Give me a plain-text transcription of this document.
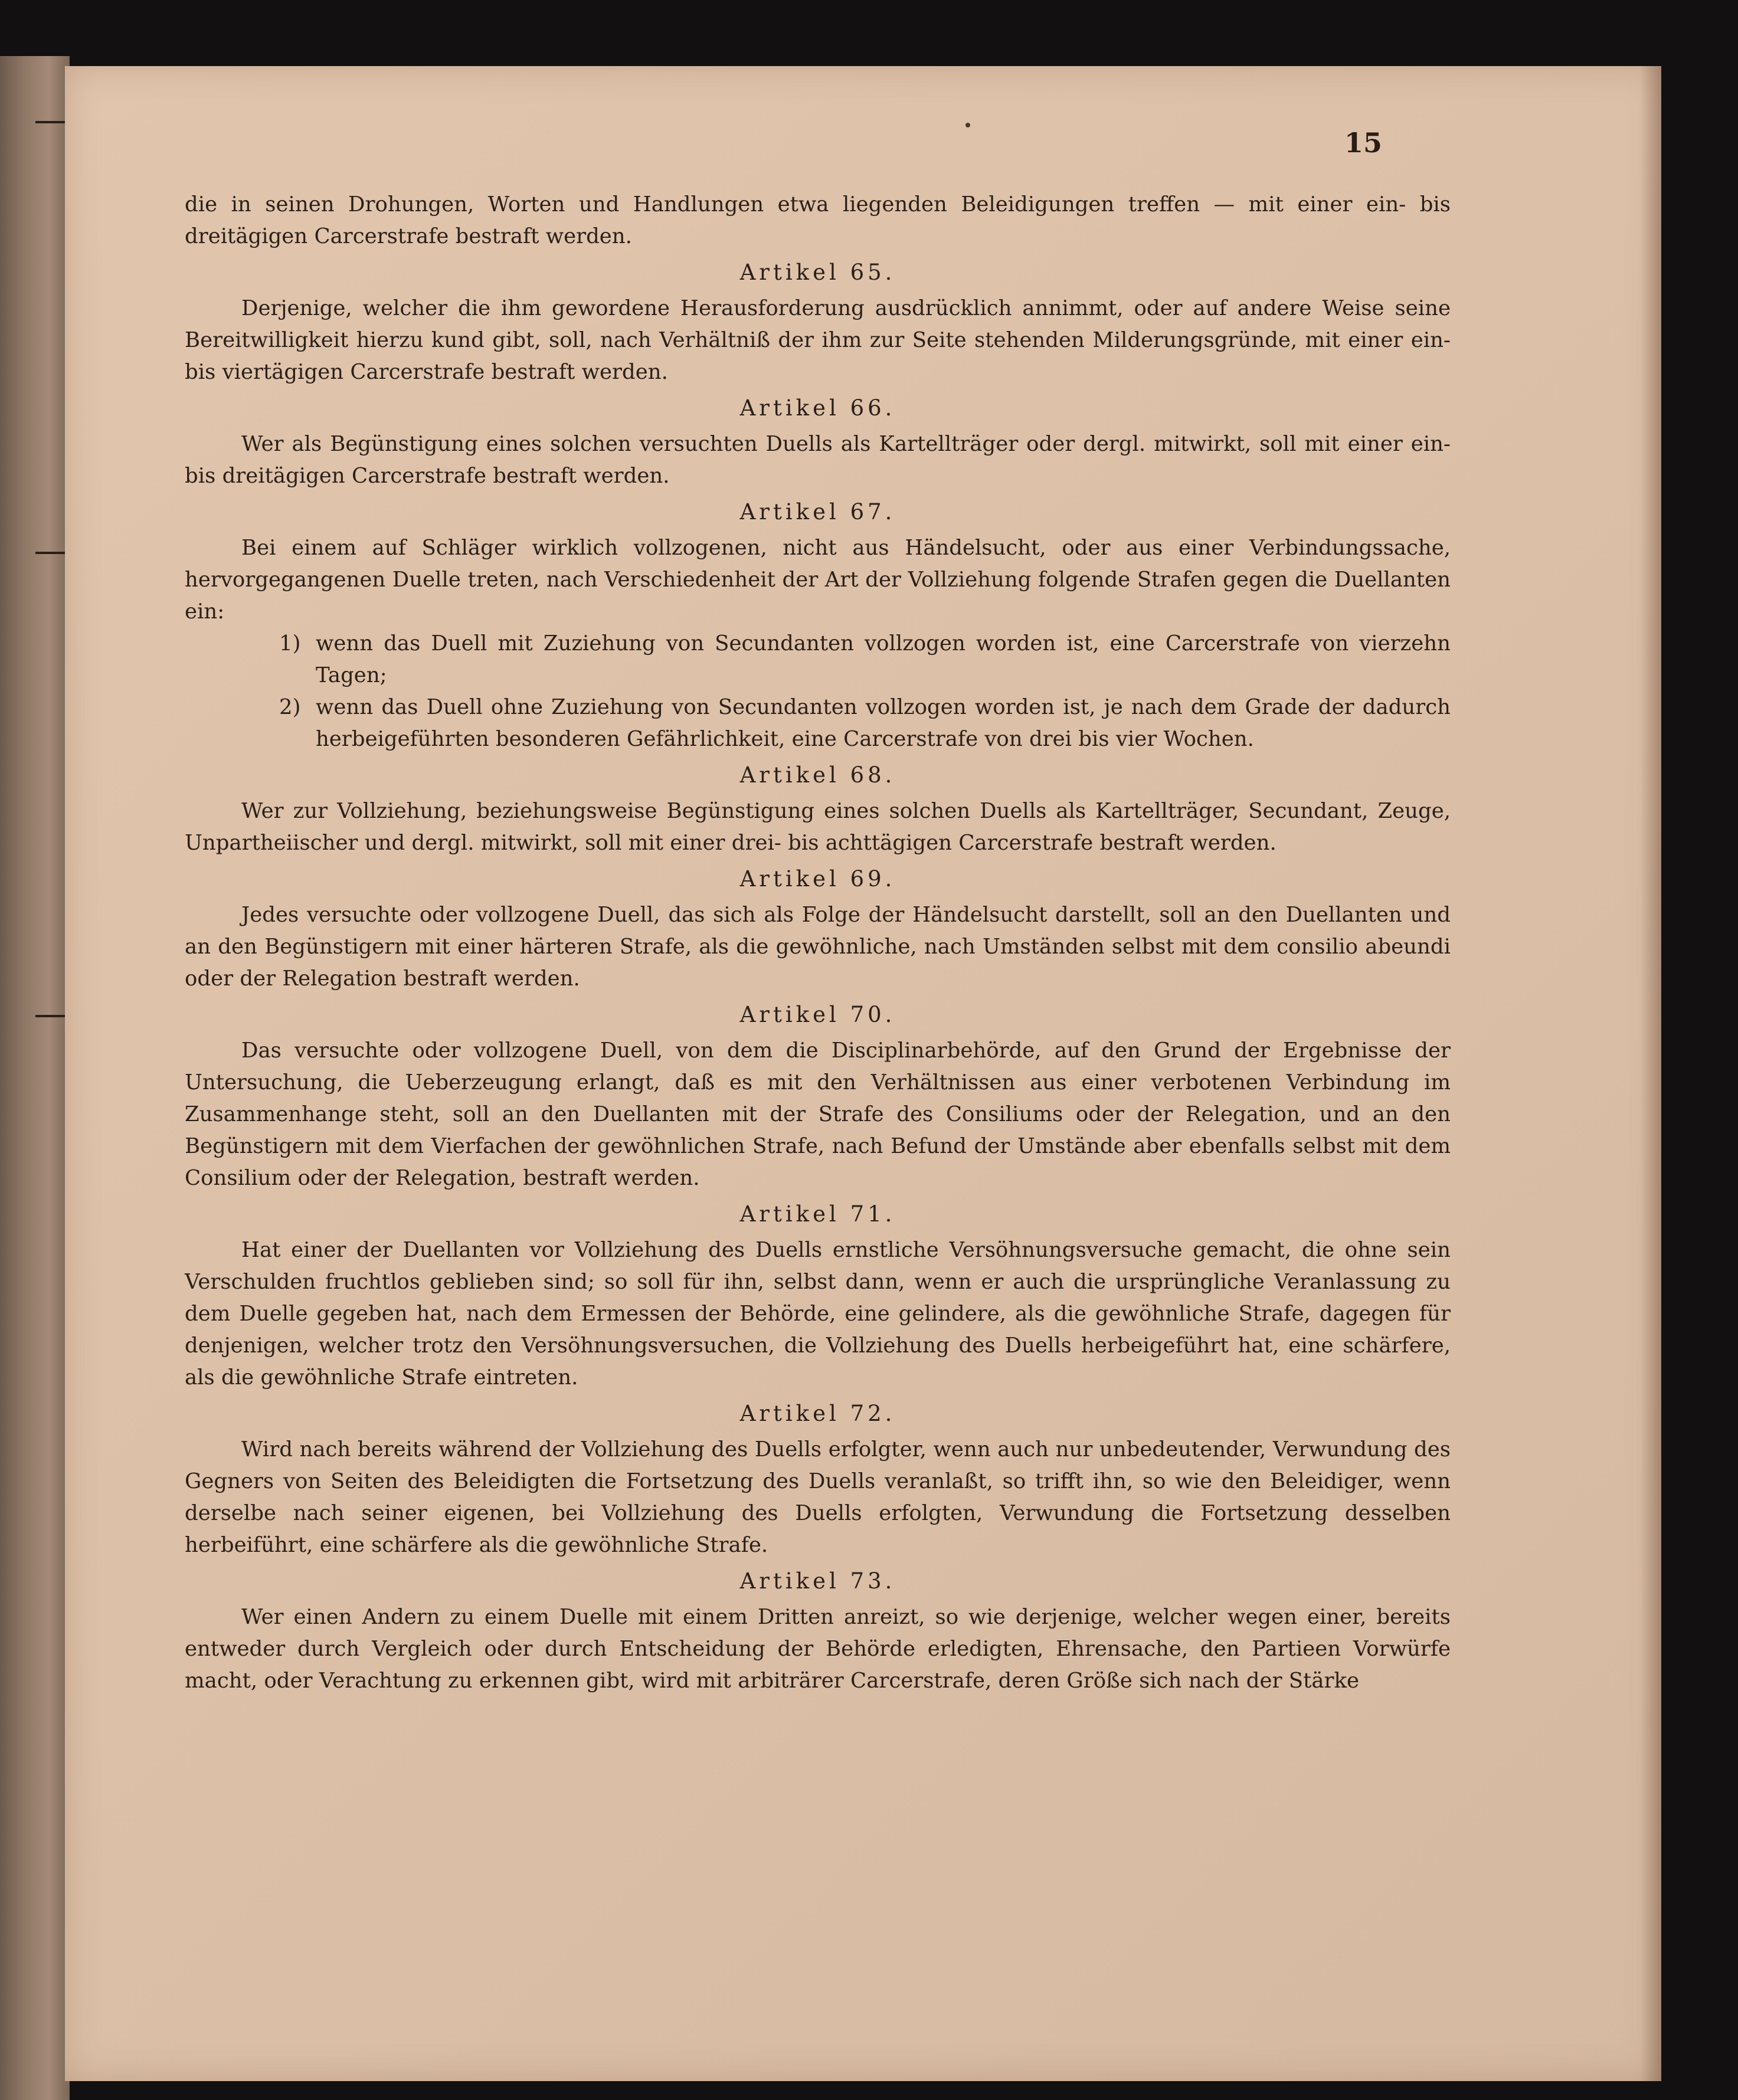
15

die in seinen Drohungen, Worten und Handlungen etwa liegenden Beleidigungen treffen — mit einer ein- bis dreitägigen Carcerstrafe bestraft werden.

Artikel 65.

Derjenige, welcher die ihm gewordene Herausforderung ausdrücklich annimmt, oder auf andere Weise seine Bereitwilligkeit hierzu kund gibt, soll, nach Verhältniß der ihm zur Seite stehenden Milderungsgründe, mit einer ein- bis viertägigen Carcerstrafe bestraft werden.

Artikel 66.

Wer als Begünstigung eines solchen versuchten Duells als Kartellträger oder dergl. mitwirkt, soll mit einer ein- bis dreitägigen Carcerstrafe bestraft werden.

Artikel 67.

Bei einem auf Schläger wirklich vollzogenen, nicht aus Händelsucht, oder aus einer Verbindungssache, hervorgegangenen Duelle treten, nach Verschiedenheit der Art der Vollziehung folgende Strafen gegen die Duellanten ein:

1) wenn das Duell mit Zuziehung von Secundanten vollzogen worden ist, eine Carcerstrafe von vierzehn Tagen;
2) wenn das Duell ohne Zuziehung von Secundanten vollzogen worden ist, je nach dem Grade der dadurch herbeigeführten besonderen Gefährlichkeit, eine Carcerstrafe von drei bis vier Wochen.
Artikel 68.

Wer zur Vollziehung, beziehungsweise Begünstigung eines solchen Duells als Kartellträger, Secundant, Zeuge, Unpartheiischer und dergl. mitwirkt, soll mit einer drei- bis achttägigen Carcerstrafe bestraft werden.

Artikel 69.

Jedes versuchte oder vollzogene Duell, das sich als Folge der Händelsucht darstellt, soll an den Duellanten und an den Begünstigern mit einer härteren Strafe, als die gewöhnliche, nach Umständen selbst mit dem consilio abeundi oder der Relegation bestraft werden.

Artikel 70.

Das versuchte oder vollzogene Duell, von dem die Disciplinarbehörde, auf den Grund der Ergebnisse der Untersuchung, die Ueberzeugung erlangt, daß es mit den Verhältnissen aus einer verbotenen Verbindung im Zusammenhange steht, soll an den Duellanten mit der Strafe des Consiliums oder der Relegation, und an den Begünstigern mit dem Vierfachen der gewöhnlichen Strafe, nach Befund der Umstände aber ebenfalls selbst mit dem Consilium oder der Relegation, bestraft werden.

Artikel 71.

Hat einer der Duellanten vor Vollziehung des Duells ernstliche Versöhnungsversuche gemacht, die ohne sein Verschulden fruchtlos geblieben sind; so soll für ihn, selbst dann, wenn er auch die ursprüngliche Veranlassung zu dem Duelle gegeben hat, nach dem Ermessen der Behörde, eine gelindere, als die gewöhnliche Strafe, dagegen für denjenigen, welcher trotz den Versöhnungsversuchen, die Vollziehung des Duells herbeigeführt hat, eine schärfere, als die gewöhnliche Strafe eintreten.

Artikel 72.

Wird nach bereits während der Vollziehung des Duells erfolgter, wenn auch nur unbedeutender, Verwundung des Gegners von Seiten des Beleidigten die Fortsetzung des Duells veranlaßt, so trifft ihn, so wie den Beleidiger, wenn derselbe nach seiner eigenen, bei Vollziehung des Duells erfolgten, Verwundung die Fortsetzung desselben herbeiführt, eine schärfere als die gewöhnliche Strafe.

Artikel 73.

Wer einen Andern zu einem Duelle mit einem Dritten anreizt, so wie derjenige, welcher wegen einer, bereits entweder durch Vergleich oder durch Entscheidung der Behörde erledigten, Ehrensache, den Partieen Vorwürfe macht, oder Verachtung zu erkennen gibt, wird mit arbiträrer Carcerstrafe, deren Größe sich nach der Stärke
